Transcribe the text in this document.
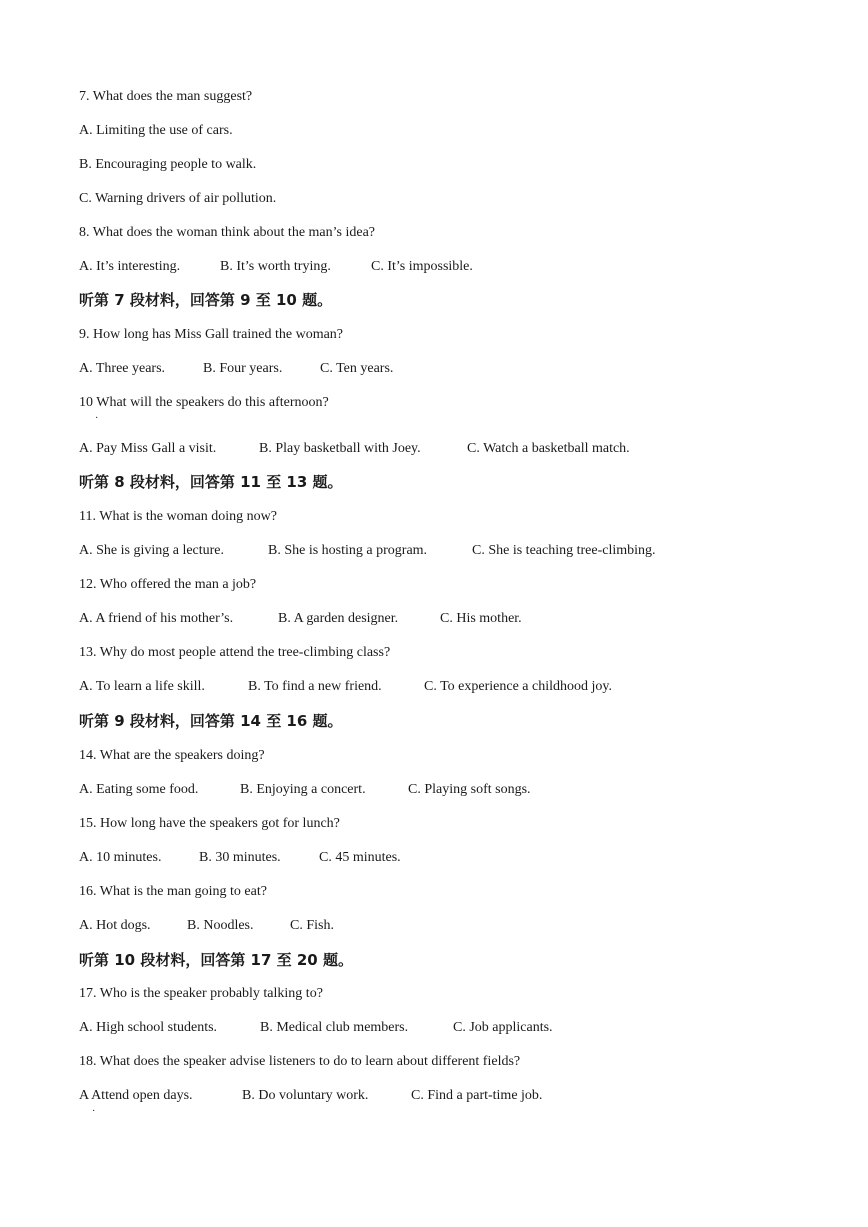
7. What does the man suggest?
A. Limiting the use of cars.
B. Encouraging people to walk.
C. Warning drivers of air pollution.
8. What does the woman think about the man’s idea?
A. It’s interesting.	B. It’s worth trying.	C. It’s impossible.
听第 7 段材料，回答第 9 至 10 题。
9. How long has Miss Gall trained the woman?
A. Three years.	B. Four years.	C. Ten years.
10 What will the speakers do this afternoon?
·
A. Pay Miss Gall a visit.	B. Play basketball with Joey.	C. Watch a basketball match.
听第 8 段材料，回答第 11 至 13 题。
11. What is the woman doing now?
A. She is giving a lecture.	B. She is hosting a program.	C. She is teaching tree-climbing.
12. Who offered the man a job?
A. A friend of his mother’s.	B. A garden designer.	C. His mother.
13. Why do most people attend the tree-climbing class?
A. To learn a life skill.	B. To find a new friend.	C. To experience a childhood joy.
听第 9 段材料，回答第 14 至 16 题。
14. What are the speakers doing?
A. Eating some food.	B. Enjoying a concert.	C. Playing soft songs.
15. How long have the speakers got for lunch?
A. 10 minutes.	B. 30 minutes.	C. 45 minutes.
16. What is the man going to eat?
A. Hot dogs.	B. Noodles.	C. Fish.
听第 10 段材料，回答第 17 至 20 题。
17. Who is the speaker probably talking to?
A. High school students.	B. Medical club members.	C. Job applicants.
18. What does the speaker advise listeners to do to learn about different fields?
A Attend open days.	B. Do voluntary work.	C. Find a part-time job.
·
